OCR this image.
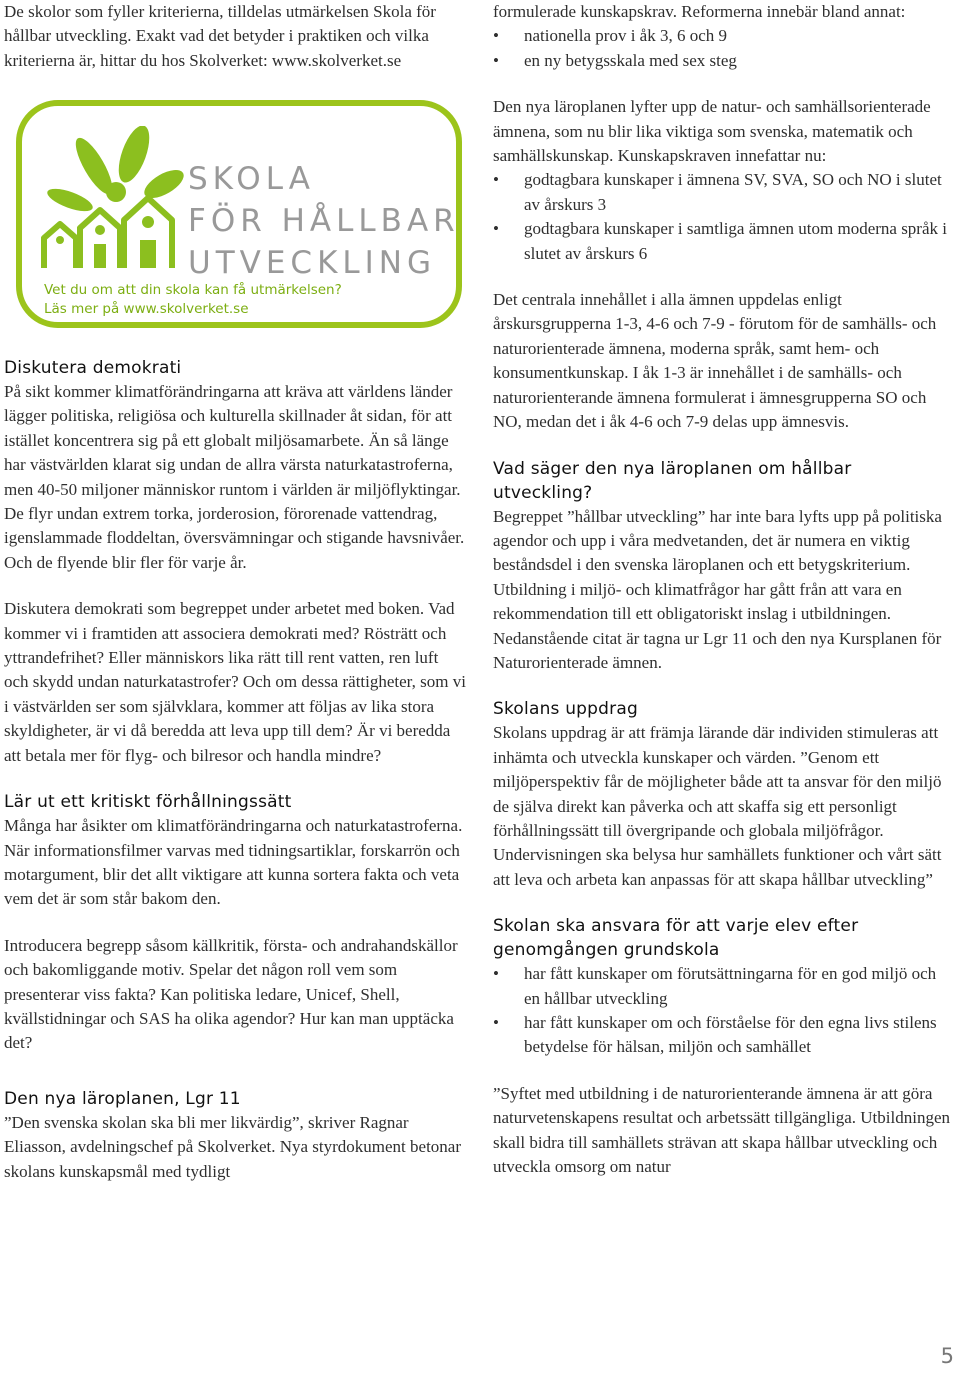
De skolor som fyller kriterierna, tilldelas utmärkelsen Skola för hållbar utveckling. Exakt vad det betyder i praktiken och vilka kriterierna är, hittar du hos Skolverket: www.skolverket.se

SKOLA
FÖR HÅLLBAR
UTVECKLING
Vet du om att din skola kan få utmärkelsen?
Läs mer på www.skolverket.se
Diskutera demokrati

På sikt kommer klimatförändringarna att kräva att världens länder lägger politiska, religiösa och kulturella skillnader åt sidan, för att istället koncentrera sig på ett globalt miljösamarbete. Än så länge har västvärlden klarat sig undan de allra värsta naturkatastroferna, men 40-50 miljoner människor runtom i världen är miljöflyktingar. De flyr undan extrem torka, jorderosion, förorenade vattendrag, igenslammade floddeltan, översvämningar och stigande havsnivåer. Och de flyende blir fler för varje år.

Diskutera demokrati som begreppet under arbetet med boken. Vad kommer vi i framtiden att associera demokrati med? Rösträtt och yttrandefrihet? Eller människors lika rätt till rent vatten, ren luft och skydd undan naturkatastrofer? Och om dessa rättigheter, som vi i västvärlden ser som självklara, kommer att följas av lika stora skyldigheter, är vi då beredda att leva upp till dem? Är vi beredda att betala mer för flyg- och bilresor och handla mindre?

Lär ut ett kritiskt förhållningssätt

Många har åsikter om klimatförändringarna och naturkatastroferna. När informationsfilmer varvas med tidningsartiklar, forskarrön och motargument, blir det allt viktigare att kunna sortera fakta och veta vem det är som står bakom den.

Introducera begrepp såsom källkritik, första- och andrahandskällor och bakomliggande motiv. Spelar det någon roll vem som presenterar viss fakta? Kan politiska ledare, Unicef, Shell, kvällstidningar och SAS ha olika agendor? Hur kan man upptäcka det?

Den nya läroplanen, Lgr 11

”Den svenska skolan ska bli mer likvärdig”, skriver Ragnar Eliasson, avdelningschef på Skolverket. Nya styrdokument betonar skolans kunskapsmål med tydligt

formulerade kunskapskrav. Reformerna innebär bland annat:

• nationella prov i åk 3, 6 och 9
• en ny betygsskala med sex steg

Den nya läroplanen lyfter upp de natur- och samhällsorienterade ämnena, som nu blir lika viktiga som svenska, matematik och samhällskunskap. Kunskapskraven innefattar nu:

• godtagbara kunskaper i ämnena SV, SVA, SO och NO i slutet av årskurs 3
• godtagbara kunskaper i samtliga ämnen utom moderna språk i slutet av årskurs 6

Det centrala innehållet i alla ämnen uppdelas enligt årskursgrupperna 1-3, 4-6 och 7-9 - förutom för de samhälls- och naturorienterade ämnena, moderna språk, samt hem- och konsumentkunskap. I åk 1-3 är innehållet i de samhälls- och naturorienterande ämnena formulerat i ämnesgrupperna SO och NO, medan det i åk 4-6 och 7-9 delas upp ämnesvis.

Vad säger den nya läroplanen om hållbar utveckling?

Begreppet ”hållbar utveckling” har inte bara lyfts upp på politiska agendor och upp i våra medvetanden, det är numera en viktig beståndsdel i den svenska läroplanen och ett betygskriterium. Utbildning i miljö- och klimatfrågor har gått från att vara en rekommendation till ett obligatoriskt inslag i utbildningen. Nedanstående citat är tagna ur Lgr 11 och den nya Kursplanen för Naturorienterade ämnen.

Skolans uppdrag

Skolans uppdrag är att främja lärande där individen stimuleras att inhämta och utveckla kunskaper och värden. ”Genom ett miljöperspektiv får de möjligheter både att ta ansvar för den miljö de själva direkt kan påverka och att skaffa sig ett personligt förhållningssätt till övergripande och globala miljöfrågor. Undervisningen ska belysa hur samhällets funktioner och vårt sätt att leva och arbeta kan anpassas för att skapa hållbar utveckling”

Skolan ska ansvara för att varje elev efter genomgången grundskola
• har fått kunskaper om förutsättningarna för en god miljö och en hållbar utveckling
• har fått kunskaper om och förståelse för den egna livs stilens betydelse för hälsan, miljön och samhället

”Syftet med utbildning i de naturorienterande ämnena är att göra naturvetenskapens resultat och arbetssätt tillgängliga. Utbildningen skall bidra till samhällets strävan att skapa hållbar utveckling och utveckla omsorg om natur

5
